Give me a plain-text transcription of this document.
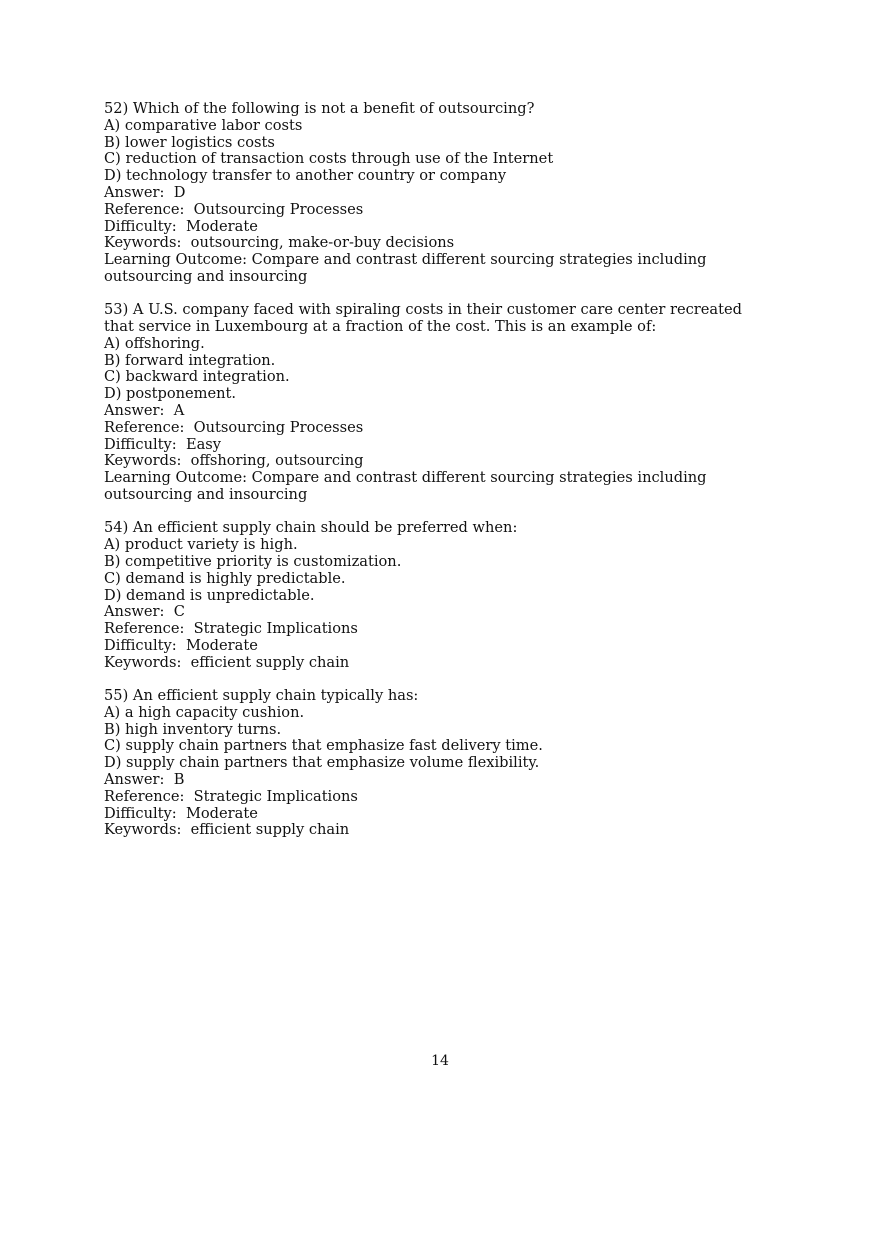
52) Which of the following is not a benefit of outsourcing?
A) comparative labor costs
B) lower logistics costs
C) reduction of transaction costs through use of the Internet
D) technology transfer to another country or company
Answer:  D
Reference:  Outsourcing Processes
Difficulty:  Moderate
Keywords:  outsourcing, make-or-buy decisions
Learning Outcome: Compare and contrast different sourcing strategies including outsourcing and insourcing
53) A U.S. company faced with spiraling costs in their customer care center recreated that service in Luxembourg at a fraction of the cost. This is an example of:
A) offshoring.
B) forward integration.
C) backward integration.
D) postponement.
Answer:  A
Reference:  Outsourcing Processes
Difficulty:  Easy
Keywords:  offshoring, outsourcing
Learning Outcome: Compare and contrast different sourcing strategies including outsourcing and insourcing
54) An efficient supply chain should be preferred when:
A) product variety is high.
B) competitive priority is customization.
C) demand is highly predictable.
D) demand is unpredictable.
Answer:  C
Reference:  Strategic Implications
Difficulty:  Moderate
Keywords:  efficient supply chain
55) An efficient supply chain typically has:
A) a high capacity cushion.
B) high inventory turns.
C) supply chain partners that emphasize fast delivery time.
D) supply chain partners that emphasize volume flexibility.
Answer:  B
Reference:  Strategic Implications
Difficulty:  Moderate
Keywords:  efficient supply chain
14
